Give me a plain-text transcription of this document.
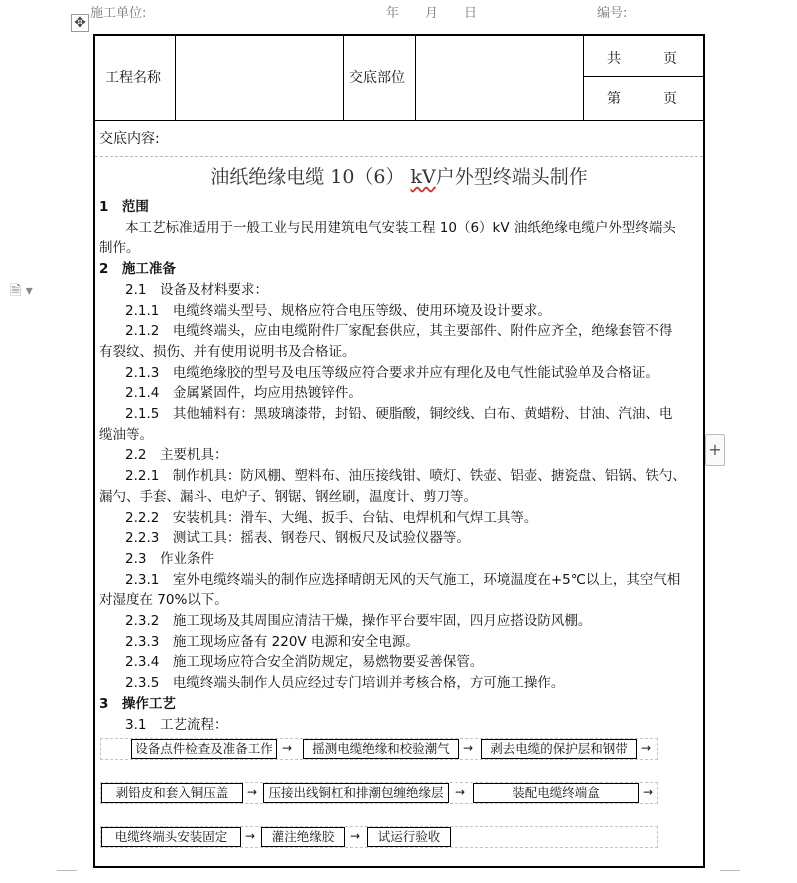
施工单位:	年　　月　　日	编号:
✥
🗎 ▾
+
工程名称	交底部位
共　　　页
第　　　页
交底内容:
油纸绝缘电缆 10（6） kV户外型终端头制作
1　范围
本工艺标准适用于一般工业与民用建筑电气安装工程 10（6）kV 油纸绝缘电缆户外型终端头
制作。
2　施工准备
2.1　设备及材料要求：
2.1.1　电缆终端头型号、规格应符合电压等级、使用环境及设计要求。
2.1.2　电缆终端头，应由电缆附件厂家配套供应，其主要部件、附件应齐全，绝缘套管不得
有裂纹、损伤、并有使用说明书及合格证。
2.1.3　电缆绝缘胶的型号及电压等级应符合要求并应有理化及电气性能试验单及合格证。
2.1.4　金属紧固件，均应用热镀锌件。
2.1.5　其他辅料有：黑玻璃漆带，封铅、硬脂酸，铜绞线、白布、黄蜡粉、甘油、汽油、电
缆油等。
2.2　主要机具：
2.2.1　制作机具：防风棚、塑料布、油压接线钳、喷灯、铁壶、铝壶、搪瓷盘、铝锅、铁勺、
漏勺、手套、漏斗、电炉子、钢锯、钢丝刷，温度计、剪刀等。
2.2.2　安装机具：滑车、大绳、扳手、台钻、电焊机和气焊工具等。
2.2.3　测试工具：摇表、钢卷尺、钢板尺及试验仪器等。
2.3　作业条件
2.3.1　室外电缆终端头的制作应选择晴朗无风的天气施工，环境温度在+5℃以上，其空气相
对湿度在 70%以下。
2.3.2　施工现场及其周围应清洁干燥，操作平台要牢固，四月应搭设防风棚。
2.3.3　施工现场应备有 220V 电源和安全电源。
2.3.4　施工现场应符合安全消防规定，易燃物要妥善保管。
2.3.5　电缆终端头制作人员应经过专门培训并考核合格，方可施工操作。
3　操作工艺
3.1　工艺流程：
设备点件检查及准备工作 →	摇测电缆绝缘和校验潮气	→	剥去电缆的保护层和钢带	→
剥铅皮和套入铜压盖	→ 压接出线铜杠和排潮包缠绝缘层 →	装配电缆终端盒	→
电缆终端头安装固定	→	灌注绝缘胶	→	试运行验收
